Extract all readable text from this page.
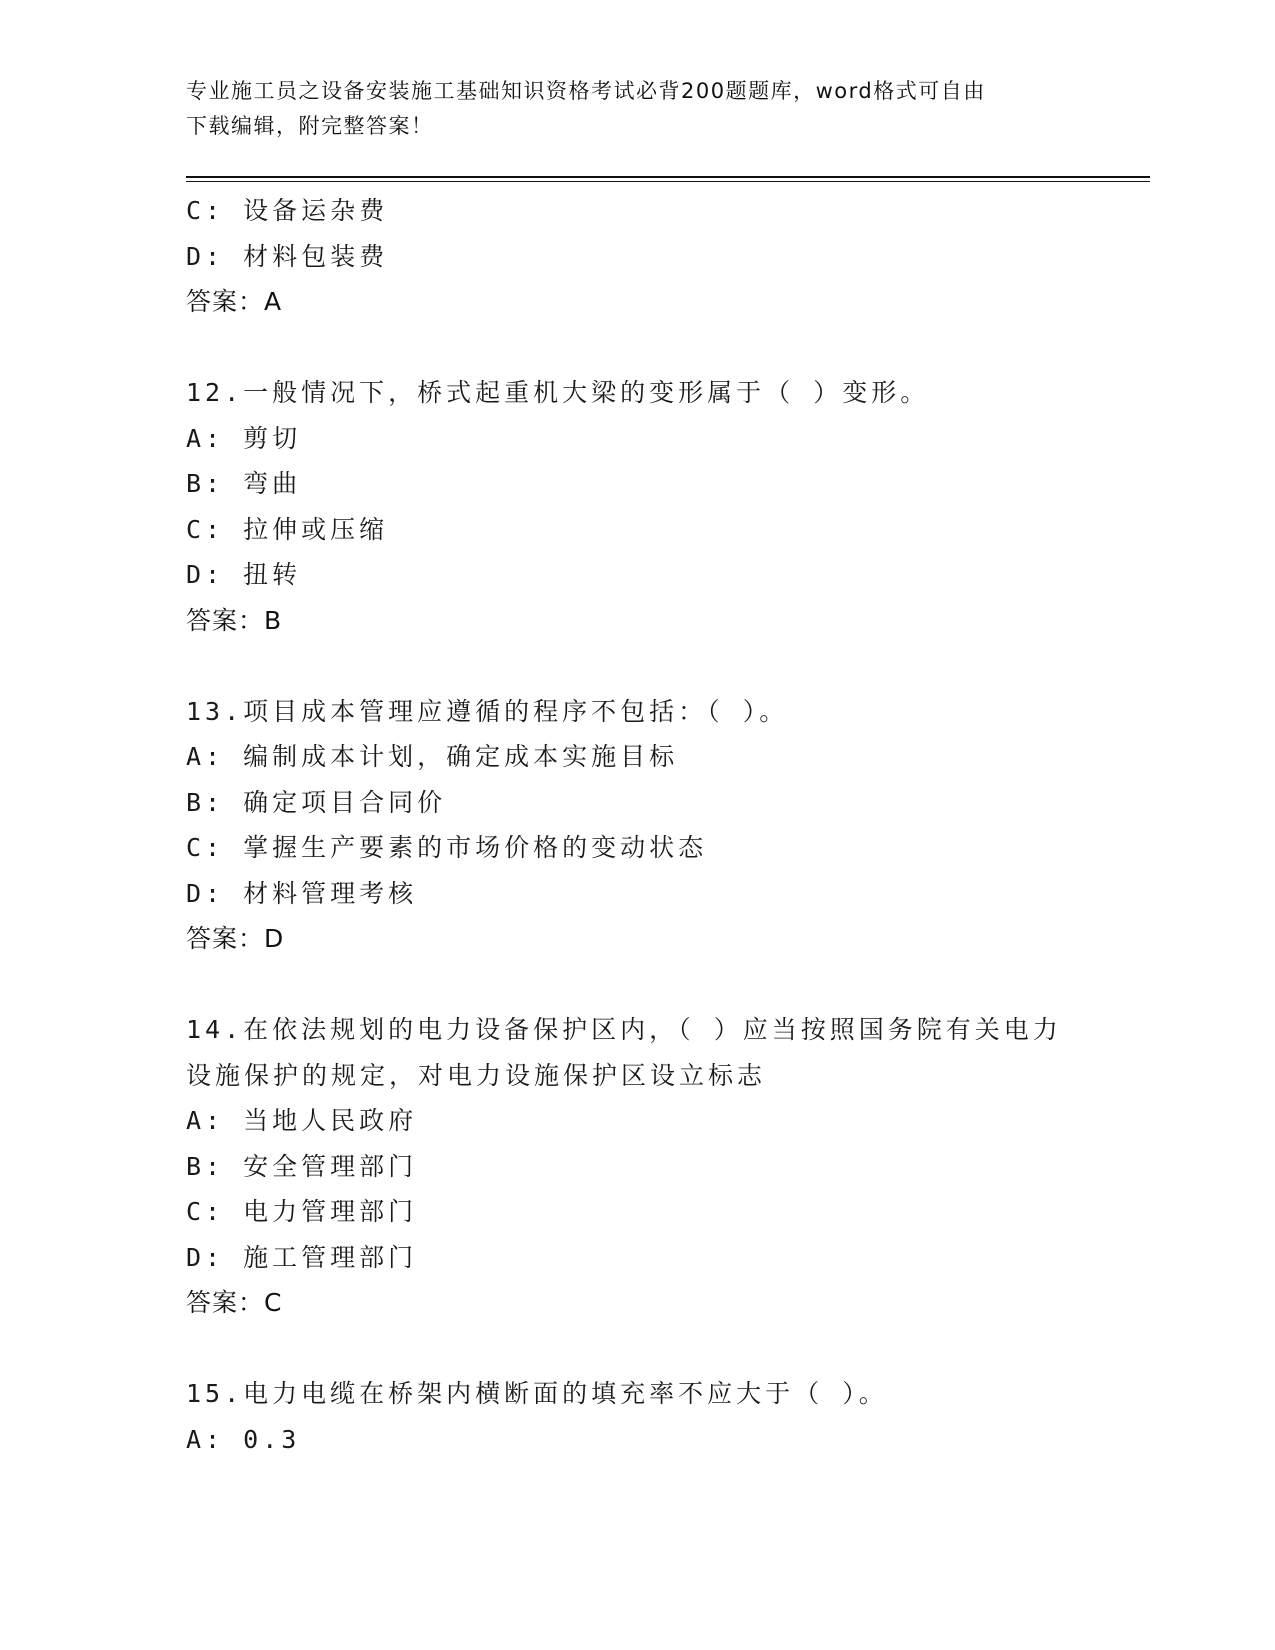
专业施工员之设备安装施工基础知识资格考试必背200题题库，word格式可自由
下载编辑，附完整答案！
C: 设备运杂费
D: 材料包装费
答案：A
12.一般情况下，桥式起重机大梁的变形属于（ ）变形。
A: 剪切
B: 弯曲
C: 拉伸或压缩
D: 扭转
答案：B
13.项目成本管理应遵循的程序不包括：（ ）。
A: 编制成本计划，确定成本实施目标
B: 确定项目合同价
C: 掌握生产要素的市场价格的变动状态
D: 材料管理考核
答案：D
14.在依法规划的电力设备保护区内，（ ）应当按照国务院有关电力
设施保护的规定，对电力设施保护区设立标志
A: 当地人民政府
B: 安全管理部门
C: 电力管理部门
D: 施工管理部门
答案：C
15.电力电缆在桥架内横断面的填充率不应大于（ ）。
A: 0.3
